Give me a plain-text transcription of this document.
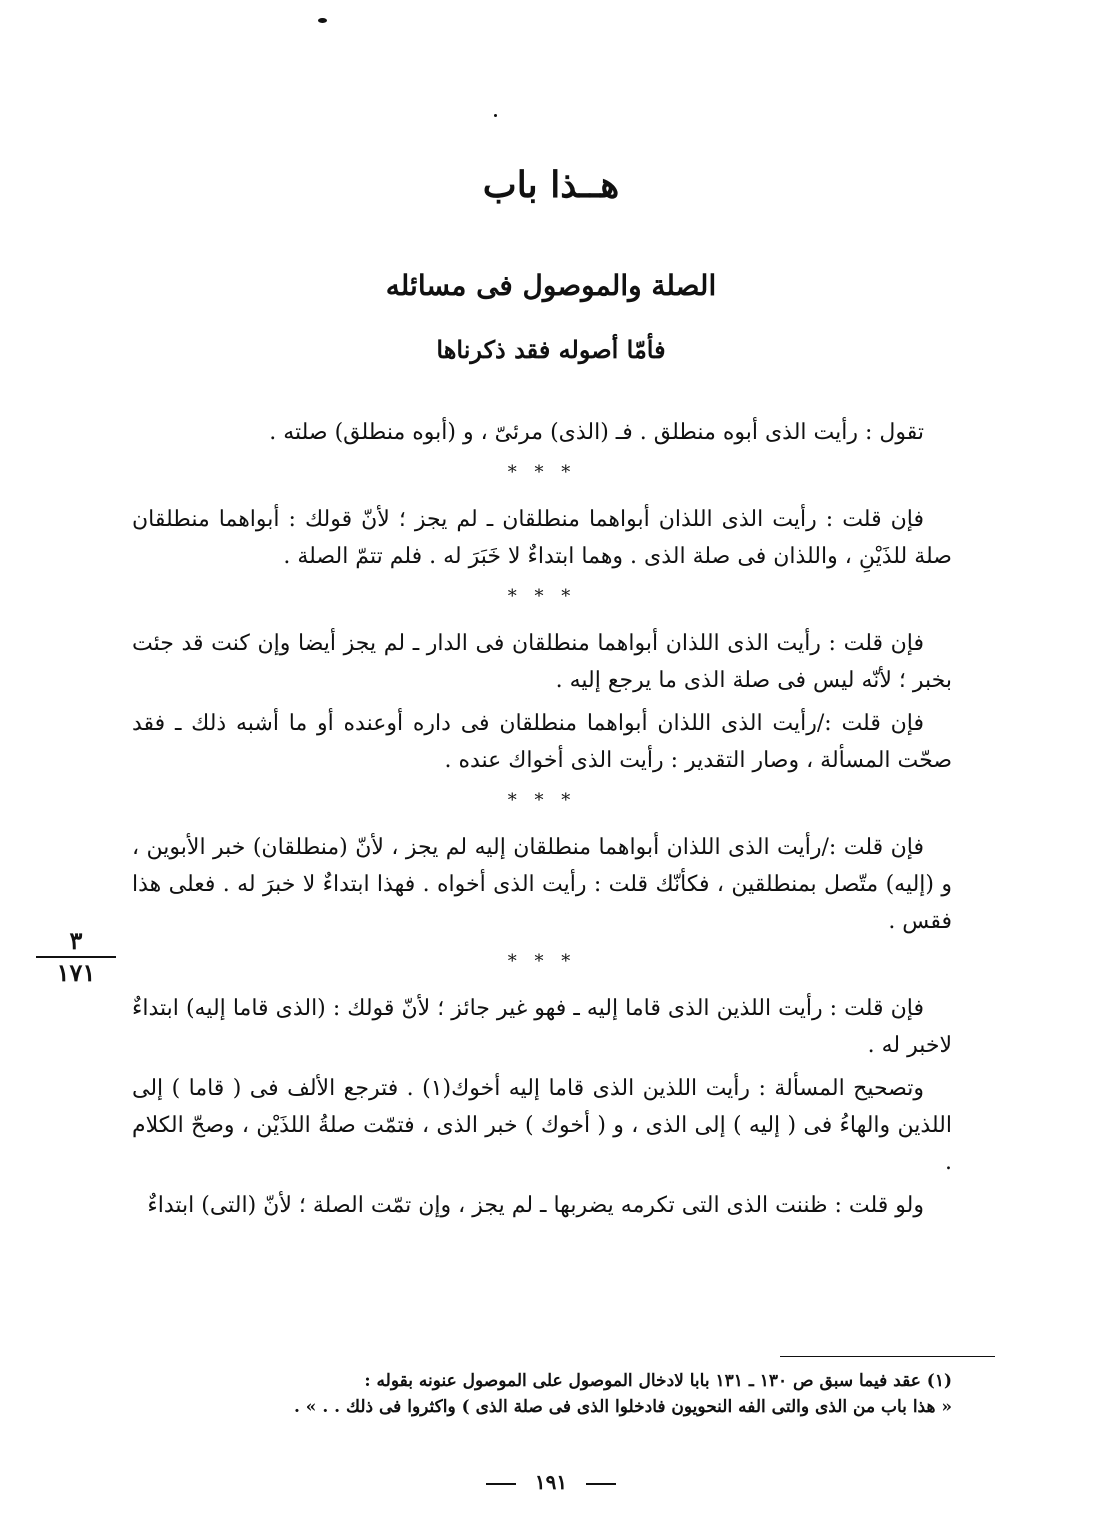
هــذا باب
الصلة والموصول فى مسائله
فأمّا أصوله فقد ذكرناها

تقول : رأيت الذى أبوه منطلق . فـ (الذى) مرئىّ ، و (أبوه منطلق) صلته .

* * *

فإن قلت : رأيت الذى اللذان أبواهما منطلقان ـ لم يجز ؛ لأنّ قولك : أبواهما منطلقان صلة للذَيْنِ ، واللذان فى صلة الذى . وهما ابتداءٌ لا خَبَرَ له . فلم تتمّ الصلة .

* * *

فإن قلت : رأيت الذى اللذان أبواهما منطلقان فى الدار ـ لم يجز أيضا وإن كنت قد جئت بخبر ؛ لأنّه ليس فى صلة الذى ما يرجع إليه .

فإن قلت :/رأيت الذى اللذان أبواهما منطلقان فى داره أوعنده أو ما أشبه ذلك ـ فقد صحّت المسألة ، وصار التقدير : رأيت الذى أخواك عنده .

* * *

فإن قلت :/رأيت الذى اللذان أبواهما منطلقان إليه لم يجز ، لأنّ (منطلقان) خبر الأبوين ، و (إليه) متّصل بمنطلقين ، فكأنّك قلت : رأيت الذى أخواه . فهذا ابتداءٌ لا خبرَ له . فعلى هذا فقس .

* * *

فإن قلت : رأيت اللذين الذى قاما إليه ـ فهو غير جائز ؛ لأنّ قولك : (الذى قاما إليه) ابتداءٌ لاخبر له .

وتصحيح المسألة : رأيت اللذين الذى قاما إليه أخوك(١) . فترجع الألف فى ( قاما ) إلى اللذين والهاءُ فى ( إليه ) إلى الذى ، و ( أخوك ) خبر الذى ، فتمّت صلةُ اللذَيْن ، وصحّ الكلام .

ولو قلت : ظننت الذى التى تكرمه يضربها ـ لم يجز ، وإن تمّت الصلة ؛ لأنّ (التى) ابتداءٌ

٣
١٧١

(١) عقد فيما سبق ص ١٣٠ ـ ١٣١ بابا لادخال الموصول على الموصول عنونه بقوله :

« هذا باب من الذى والتى الفه النحويون فادخلوا الذى فى صلة الذى ) واكثروا فى ذلك . . » .

١٩١
